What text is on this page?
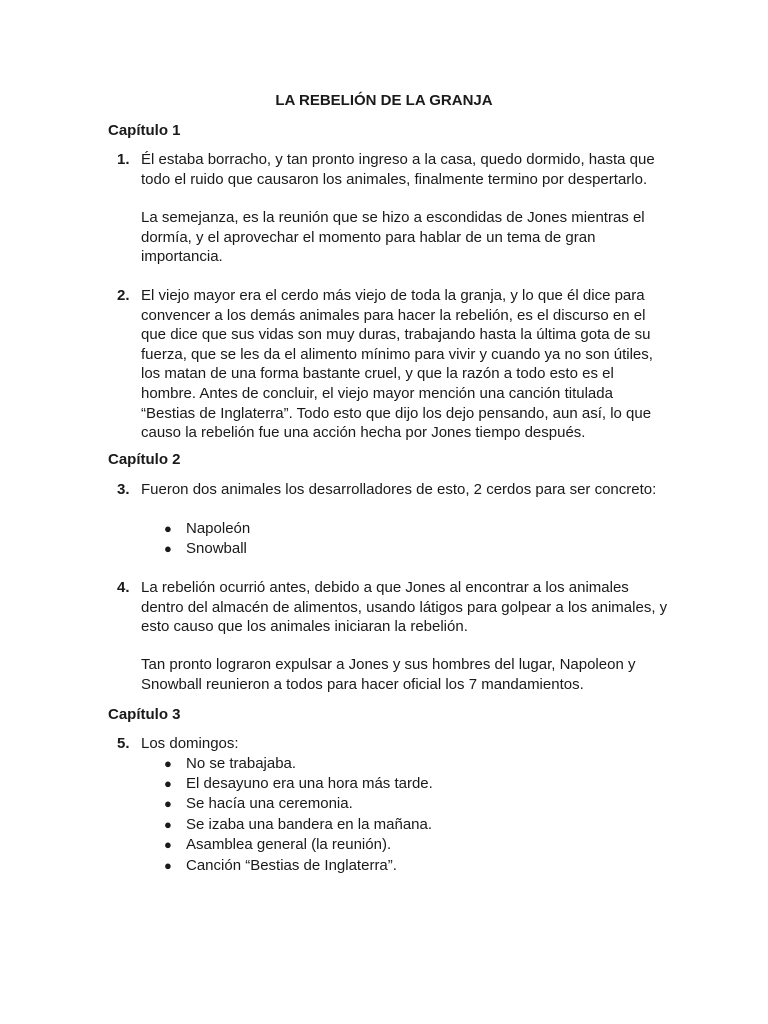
LA REBELIÓN DE LA GRANJA
Capítulo 1
1. Él estaba borracho, y tan pronto ingreso a la casa, quedo dormido, hasta que todo el ruido que causaron los animales, finalmente termino por despertarlo.

La semejanza, es la reunión que se hizo a escondidas de Jones mientras el dormía, y el aprovechar el momento para hablar de un tema de gran importancia.

2. El viejo mayor era el cerdo más viejo de toda la granja, y lo que él dice para convencer a los demás animales para hacer la rebelión, es el discurso en el que dice que sus vidas son muy duras, trabajando hasta la última gota de su fuerza, que se les da el alimento mínimo para vivir y cuando ya no son útiles, los matan de una forma bastante cruel, y que la razón a todo esto es el hombre. Antes de concluir, el viejo mayor mención una canción titulada “Bestias de Inglaterra”. Todo esto que dijo los dejo pensando, aun así, lo que causo la rebelión fue una acción hecha por Jones tiempo después.

Capítulo 2
3. Fueron dos animales los desarrolladores de esto, 2 cerdos para ser concreto:

● Napoleón

● Snowball

4. La rebelión ocurrió antes, debido a que Jones al encontrar a los animales dentro del almacén de alimentos, usando látigos para golpear a los animales, y esto causo que los animales iniciaran la rebelión.

Tan pronto lograron expulsar a Jones y sus hombres del lugar, Napoleon y Snowball reunieron a todos para hacer oficial los 7 mandamientos.

Capítulo 3
5. Los domingos:

● No se trabajaba.

● El desayuno era una hora más tarde.

● Se hacía una ceremonia.

● Se izaba una bandera en la mañana.

● Asamblea general (la reunión).

● Canción “Bestias de Inglaterra”.
